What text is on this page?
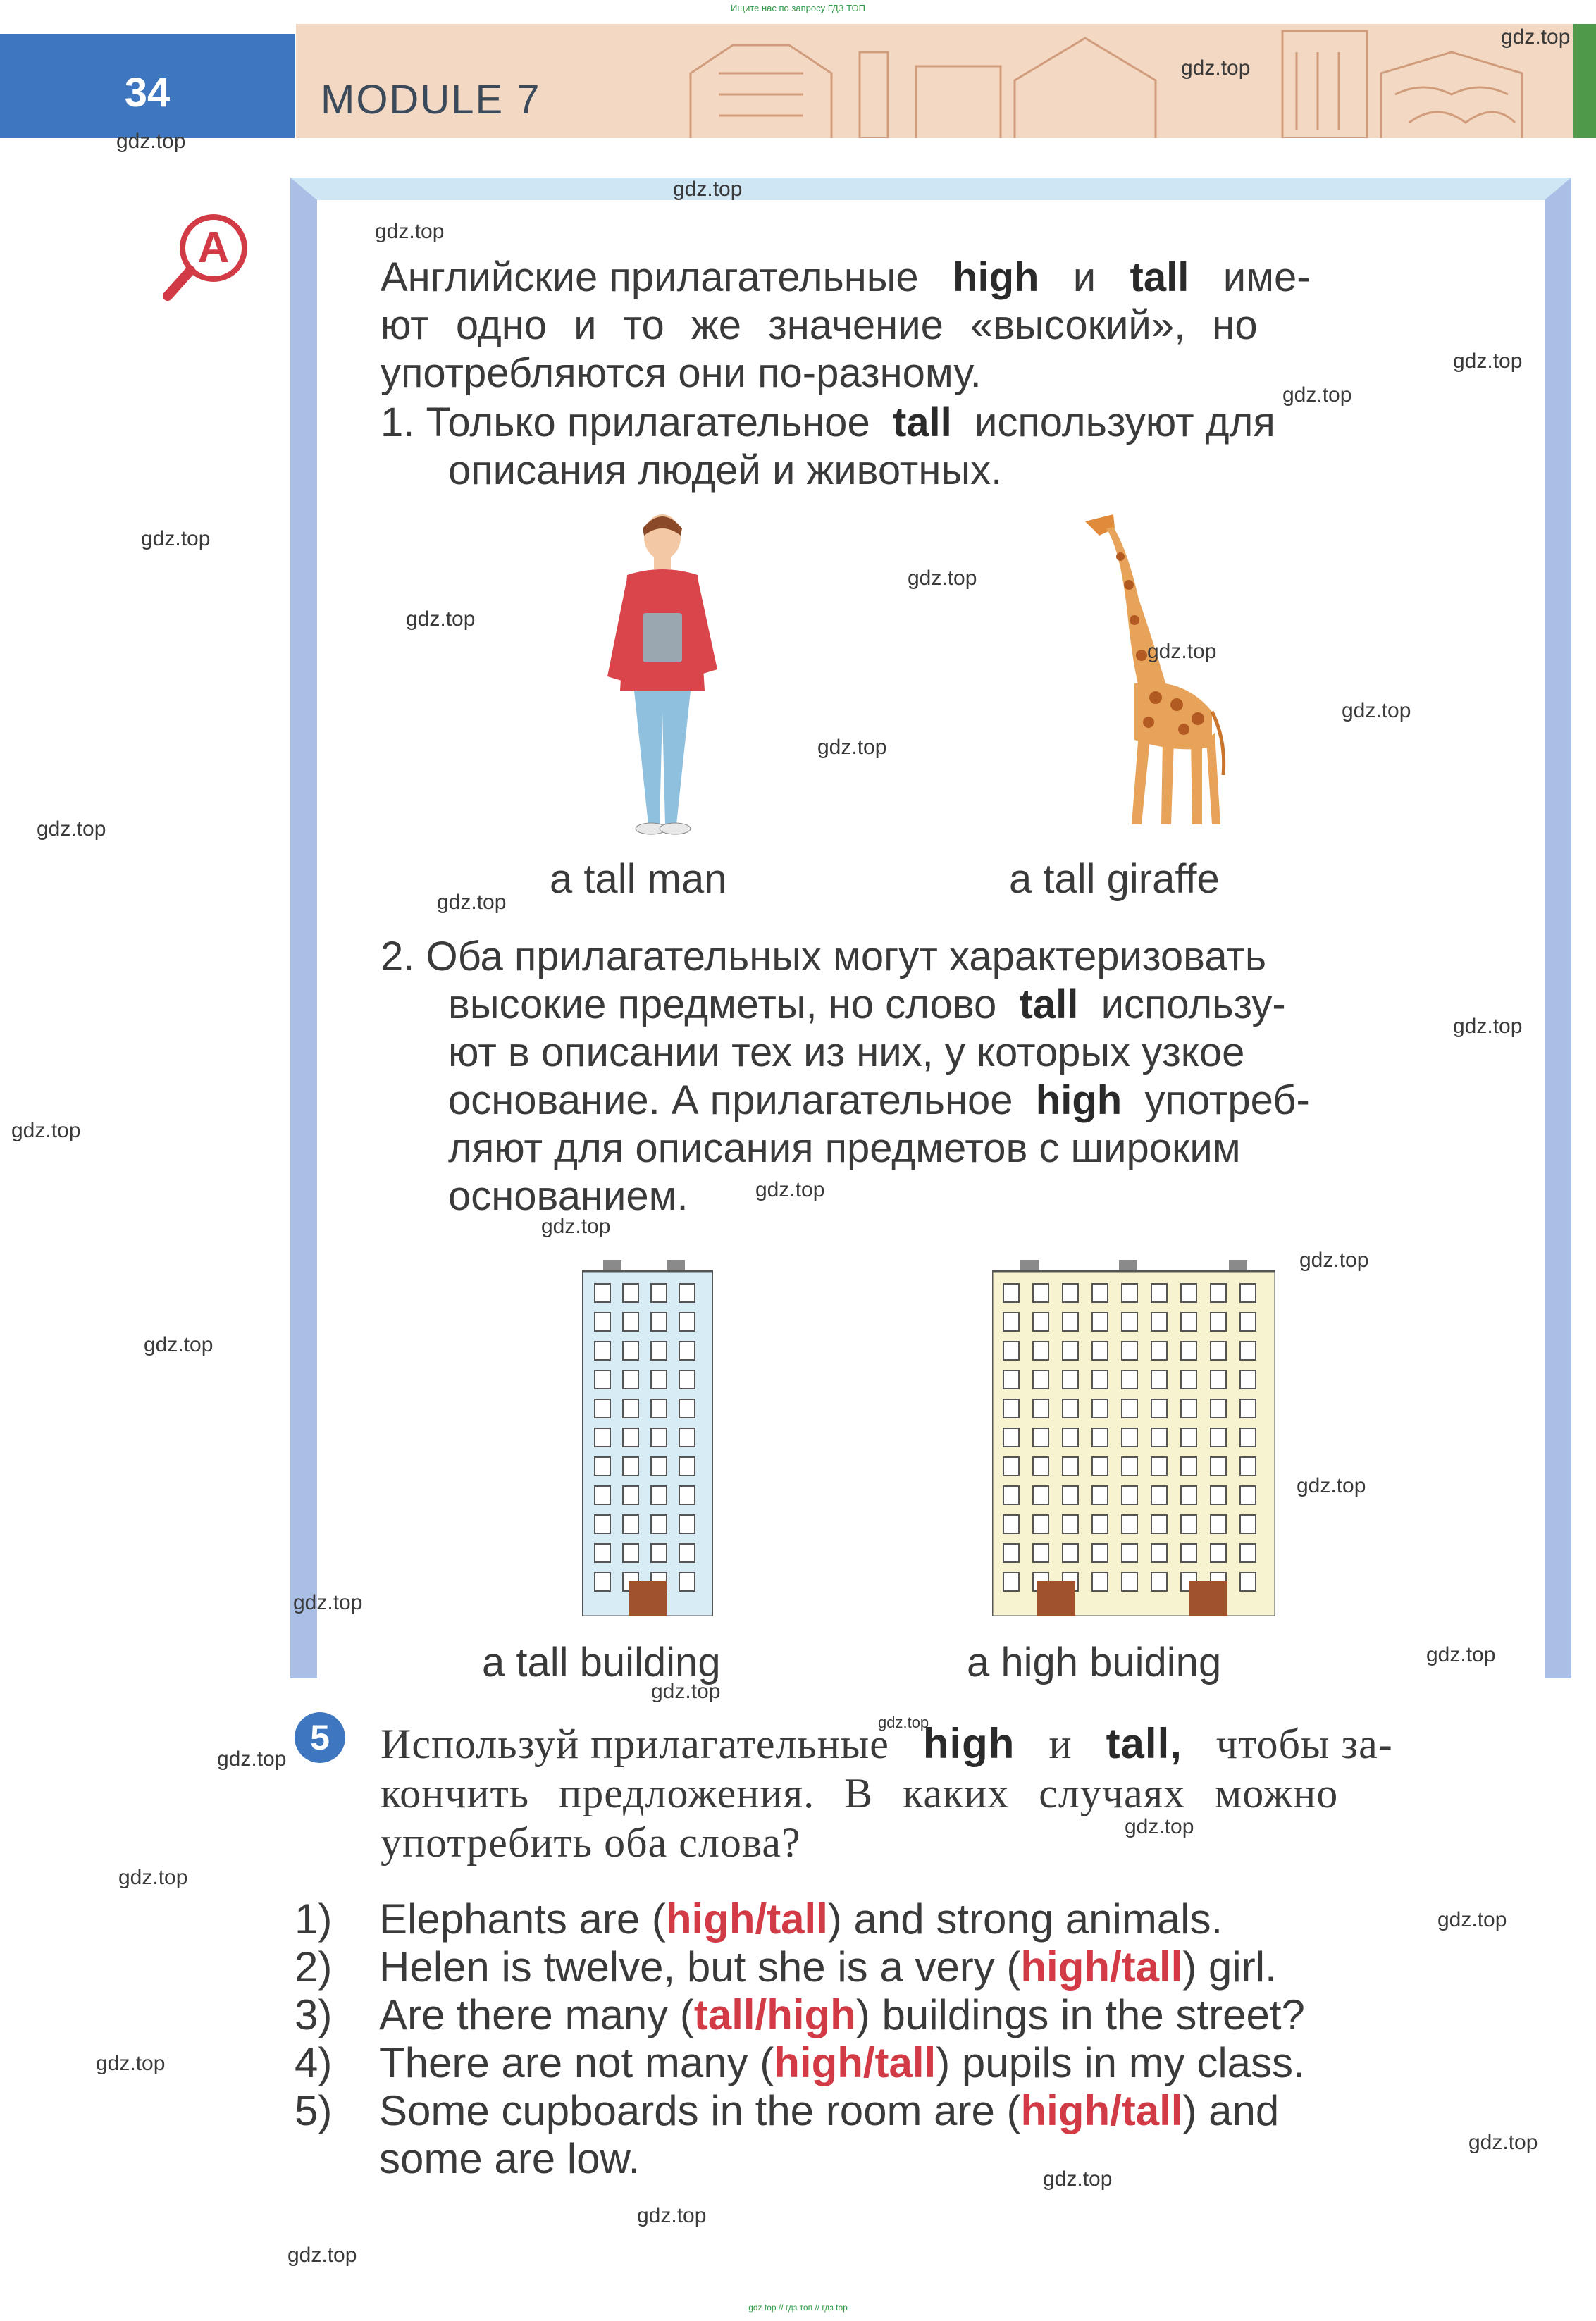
Ищите нас по запросу ГДЗ ТОП
34	MODULE 7
A
Английские прилагательные high и tall име-
ют одно и то же значение «высокий», но
употребляются они по-разному.
1. Только прилагательное tall используют для
описания людей и животных.
a tall man	a tall giraffe
2. Оба прилагательных могут характеризовать
высокие предметы, но слово tall использу-
ют в описании тех из них, у которых узкое
основание. А прилагательное high употреб-
ляют для описания предметов с широким
основанием.
a tall building	a high buiding
5	Используй прилагательные high и tall, чтобы за-
кончить предложения. В каких случаях можно
употребить оба слова?
1) Elephants are (high/tall) and strong animals.
2) Helen is twelve, but she is a very (high/tall) girl.
3) Are there many (tall/high) buildings in the street?
4) There are not many (high/tall) pupils in my class.
5) Some cupboards in the room are (high/tall) and
some are low.
gdz.top
gdz.top
gdz.top
gdz.top
gdz.top
gdz.top
gdz.top
gdz.top
gdz.top
gdz.top
gdz.top
gdz.top
gdz.top
gdz.top
gdz.top
gdz.top
gdz.top
gdz.top
gdz.top
gdz.top
gdz.top
gdz.top
gdz.top
gdz.top
gdz.top
gdz.top
gdz.top
gdz.top
gdz.top
gdz.top
gdz.top
gdz.top
gdz.top
gdz.top
gdz.top
gdz top // гдз топ // гдз top
